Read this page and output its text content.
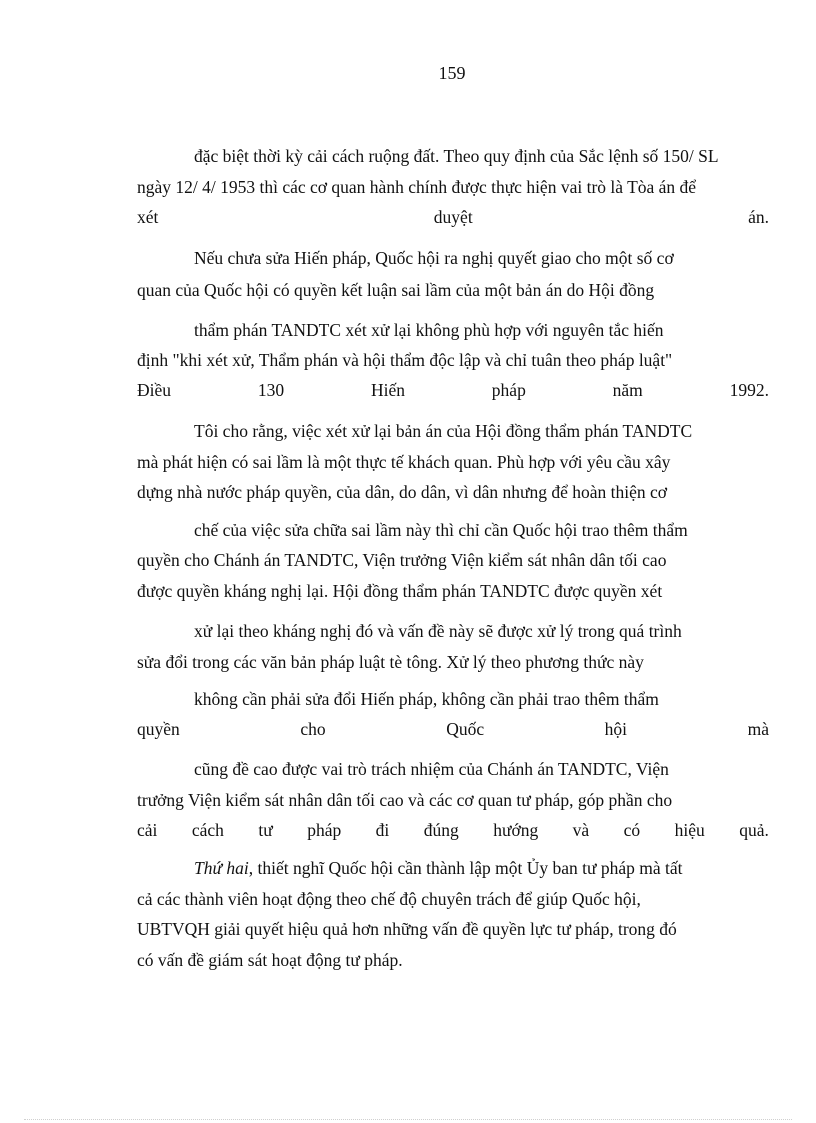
159
đặc biệt thời kỳ cải cách ruộng đất. Theo quy định của Sắc lệnh số 150/ SL
ngày 12/ 4/ 1953 thì các cơ quan hành chính được thực hiện vai trò là Tòa án để
xét	duyệt	án.
Nếu chưa sửa Hiến pháp, Quốc hội ra nghị quyết giao cho một số cơ
quan của Quốc hội có quyền kết luận sai lầm của một bản án do Hội đồng
thẩm phán TANDTC xét xử lại không phù hợp với nguyên tắc hiến
định "khi xét xử, Thẩm phán và hội thẩm độc lập và chỉ tuân theo pháp luật"
Điều	130	Hiến	pháp	năm	1992.
Tôi cho rằng, việc xét xử lại bản án của Hội đồng thẩm phán TANDTC
mà phát hiện có sai lầm là một thực tế khách quan. Phù hợp với yêu cầu xây
dựng nhà nước pháp quyền, của dân, do dân, vì dân nhưng để hoàn thiện cơ
chế của việc sửa chữa sai lầm này thì chỉ cần Quốc hội trao thêm thẩm
quyền cho Chánh án TANDTC, Viện trưởng Viện kiểm sát nhân dân tối cao
được quyền kháng nghị lại. Hội đồng thẩm phán TANDTC được quyền xét
xử lại theo kháng nghị đó và vấn đề này sẽ được xử lý trong quá trình
sửa đổi trong các văn bản pháp luật tè tông. Xử lý theo phương thức này
không cần phải sửa đổi Hiến pháp, không cần phải trao thêm thẩm
quyền	cho	Quốc	hội	mà
cũng đề cao được vai trò trách nhiệm của Chánh án TANDTC, Viện
trưởng Viện kiểm sát nhân dân tối cao và các cơ quan tư pháp, góp phần cho
cải cách tư pháp đi đúng hướng và có hiệu quả.
Thứ hai, thiết nghĩ Quốc hội cần thành lập một Ủy ban tư pháp mà tất
cả các thành viên hoạt động theo chế độ chuyên trách để giúp Quốc hội,
UBTVQH giải quyết hiệu quả hơn những vấn đề quyền lực tư pháp, trong đó
có vấn đề giám sát hoạt động tư pháp.
